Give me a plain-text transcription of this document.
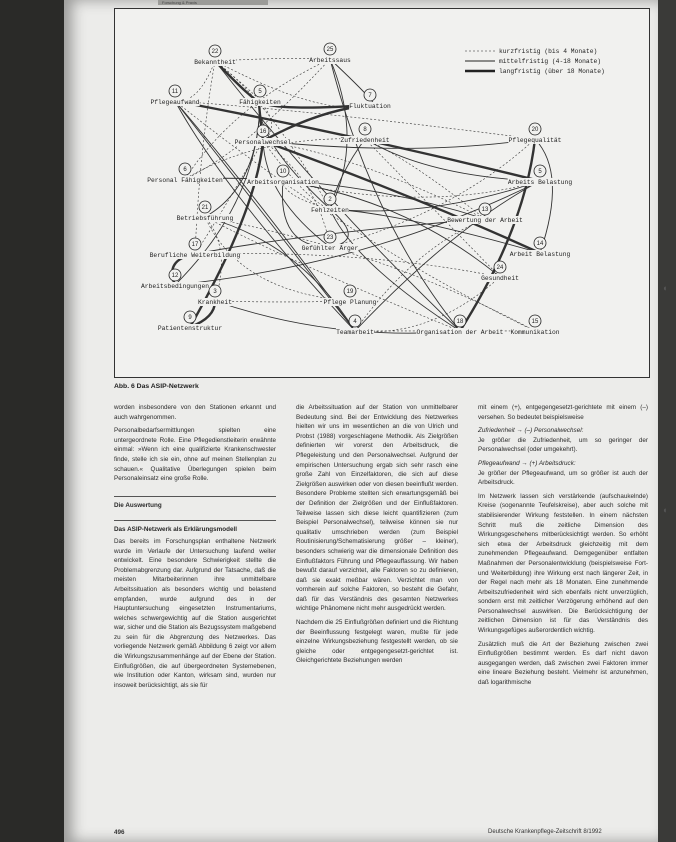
Forschung & Praxis
22
Bekanntheit
25
Arbeitssaus
11
Pflegeaufwand
5
Fähigkeiten
7
Fluktuation
16
Personalwechsel
8
Zufriedenheit
10
Arbeitsorganisation
6
Personal Fähigkeiten
20
Pflegequalität
5
Arbeits Belastung
21
Betriebsführung
2
Fehlzeiten	13
Bewertung der Arbeit
14
Arbeit Belastung
17
Berufliche Weiterbildung
23
Gefühlter Ärger
12
Arbeitsbedingungen
3
Krankheit
24
Gesundheit
19
Pflege Planung
9
Patientenstruktur
4
Teamarbeit
18
Organisation der Arbeit
15
Kommunikation
kurzfristig (bis 4 Monate)
mittelfristig (4-18 Monate)
langfristig (über 18 Monate)
Abb. 6 Das ASIP-Netzwerk

worden insbesondere von den Stationen erkannt und auch wahrgenommen.

Personalbedarfsermittlungen spielten eine untergeordnete Rolle. Eine Pflegedienstleiterin erwähnte einmal: »Wenn ich eine qualifizierte Krankenschwester finde, stelle ich sie ein, ohne auf meinen Stellenplan zu schauen.« Qualitative Überlegungen spielen beim Personaleinsatz eine große Rolle.

Die Auswertung
Das ASIP-Netzwerk als Erklärungsmodell

Das bereits im Forschungsplan enthaltene Netzwerk wurde im Verlaufe der Untersuchung laufend weiter entwickelt. Eine besondere Schwierigkeit stellte die Problemabgrenzung dar. Aufgrund der Tatsache, daß die meisten Mitarbeiterinnen ihre unmittelbare Arbeitssituation als besonders wichtig und belastend empfanden, wurde aufgrund des in der Hauptuntersuchung eingesetzten Instrumentariums, welches schwergewichtig auf die Station ausgerichtet war, sicher und die Station als Bezugssystem maßgebend zu sein für die Abgrenzung des Netzwerkes. Das vorliegende Netzwerk gemäß Abbildung 6 zeigt vor allem die Wirkungszusammenhänge auf der Ebene der Station. Einflußgrößen, die auf übergeordneten Systemebenen, wie Institution oder Kanton, wirksam sind, wurden nur insoweit berücksichtigt, als sie für

die Arbeitssituation auf der Station von unmittelbarer Bedeutung sind. Bei der Entwicklung des Netzwerkes hielten wir uns im wesentlichen an die von Ulrich und Probst (1988) vorgeschlagene Methodik. Als Zielgrößen definierten wir vorerst den Arbeitsdruck, die Pflegeleistung und den Personalwechsel. Aufgrund der empirischen Untersuchung ergab sich sehr rasch eine große Zahl von Einzelfaktoren, die sich auf diese Zielgrößen auswirken oder von diesen beeinflußt werden. Besondere Probleme stellten sich erwartungsgemäß bei der Definition der Zielgrößen und der Einflußfaktoren. Teilweise lassen sich diese leicht quantifizieren (zum Beispiel Personalwechsel), teilweise können sie nur qualitativ umschrieben werden (zum Beispiel Routinisierung/Schematisierung größer – kleiner), besonders schwierig war die dimensionale Definition des Einflußfaktors Führung und Pflegeauffassung. Wir haben bewußt darauf verzichtet, alle Faktoren so zu definieren, daß sie exakt meßbar wären. Verzichtet man von vornherein auf solche Faktoren, so besteht die Gefahr, daß für das Verständnis des gesamten Netzwerkes wichtige Phänomene nicht mehr ausgedrückt werden.

Nachdem die 25 Einflußgrößen definiert und die Richtung der Beeinflussung festgelegt waren, mußte für jede einzelne Wirkungsbeziehung festgestellt werden, ob sie gleiche oder entgegengesetzt-gerichtet ist. Gleichgerichtete Beziehungen werden

mit einem (+), entgegengesetzt-gerichtete mit einem (–) versehen. So bedeutet beispielsweise

Zufriedenheit → (–) Personalwechsel:

Je größer die Zufriedenheit, um so geringer der Personalwechsel (oder umgekehrt).

Pflegeaufwand → (+) Arbeitsdruck:

Je größer der Pflegeaufwand, um so größer ist auch der Arbeitsdruck.

Im Netzwerk lassen sich verstärkende (aufschaukelnde) Kreise (sogenannte Teufelskreise), aber auch solche mit stabilisierender Wirkung feststellen. In einem nächsten Schritt muß die zeitliche Dimension des Wirkungsgeschehens mitberücksichtigt werden. So erhöht sich etwa der Arbeitsdruck gleichzeitig mit dem zunehmenden Pflegeaufwand. Demgegenüber entfalten Maßnahmen der Personalentwicklung (beispielsweise Fort- und Weiterbildung) ihre Wirkung erst nach längerer Zeit, in der Regel nach mehr als 18 Monaten. Eine zunehmende Arbeitszufriedenheit wird sich ebenfalls nicht unverzüglich, sondern erst mit zeitlicher Verzögerung erhöhend auf den Personalwechsel auswirken. Die Berücksichtigung der zeitlichen Dimension ist für das Verständnis des Wirkungsgefüges außerordentlich wichtig.

Zusätzlich muß die Art der Beziehung zwischen zwei Einflußgrößen bestimmt werden. Es darf nicht davon ausgegangen werden, daß zwischen zwei Faktoren immer eine lineare Beziehung besteht. Vielmehr ist anzunehmen, daß logarithmische

496	Deutsche Krankenpflege-Zeitschrift 8/1992
◖
◖
